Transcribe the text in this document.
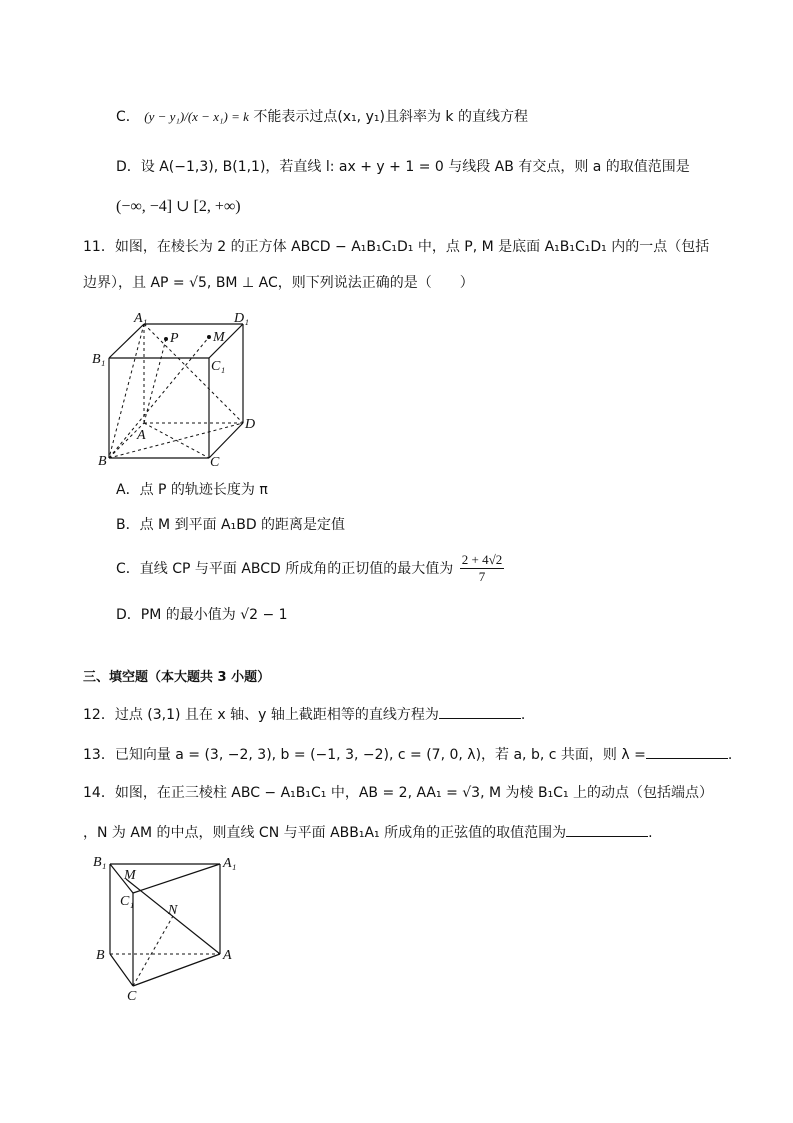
C． (y − y₁)/(x − x₁) = k 不能表示过点(x₁, y₁)且斜率为 k 的直线方程
D．设 A(−1,3), B(1,1)，若直线 l: ax + y + 1 = 0 与线段 AB 有交点，则 a 的取值范围是
(−∞, −4] ∪ [2, +∞)
11．如图，在棱长为 2 的正方体 ABCD − A₁B₁C₁D₁ 中，点 P, M 是底面 A₁B₁C₁D₁ 内的一点（包括
边界），且 AP = √5, BM ⊥ AC，则下列说法正确的是（　　）
A₁	D₁
B₁	C₁
P M
A
D
B	C
A．点 P 的轨迹长度为 π
B．点 M 到平面 A₁BD 的距离是定值
C．直线 CP 与平面 ABCD 所成角的正切值的最大值为 $\frac{2 + 4√2}{7}$
D．PM 的最小值为 √2 − 1
三、填空题（本大题共 3 小题）
12．过点 (3,1) 且在 x 轴、y 轴上截距相等的直线方程为	.
13．已知向量 a = (3, −2, 3), b = (−1, 3, −2), c = (7, 0, λ)，若 a, b, c 共面，则 λ =	.
14．如图，在正三棱柱 ABC − A₁B₁C₁ 中，AB = 2, AA₁ = √3, M 为棱 B₁C₁ 上的动点（包括端点）
，N 为 AM 的中点，则直线 CN 与平面 ABB₁A₁ 所成角的正弦值的取值范围为	.
B₁	A₁
M
C₁
N
B	A
C
